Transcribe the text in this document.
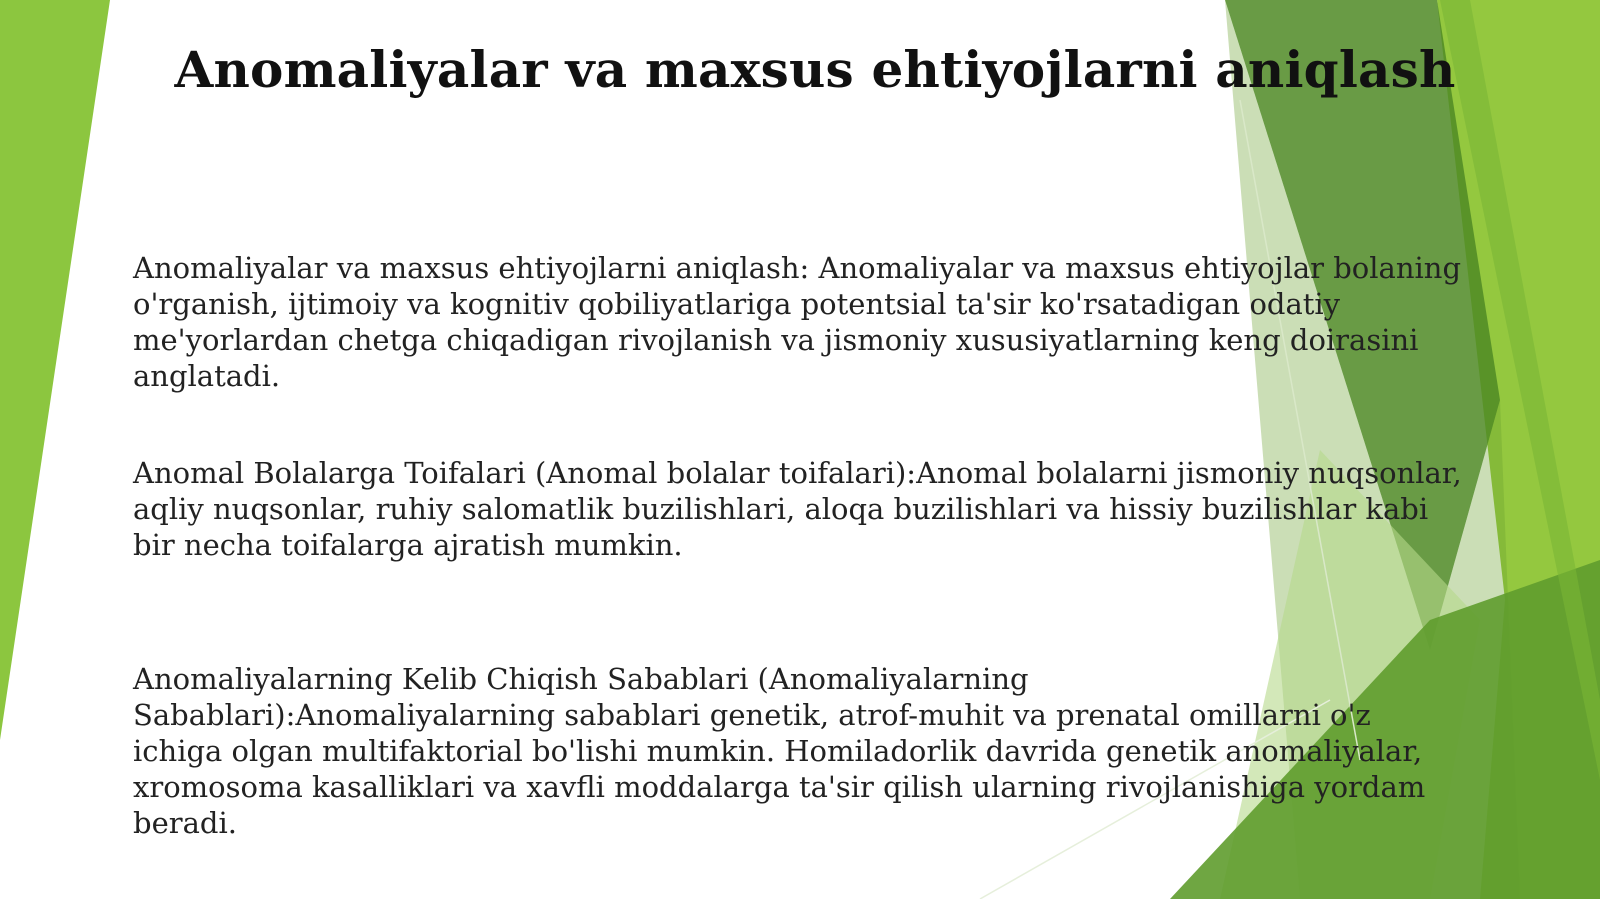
Anomaliyalar va maxsus ehtiyojlarni aniqlash

Anomaliyalar va maxsus ehtiyojlarni aniqlash: Anomaliyalar va maxsus ehtiyojlar bolaning o'rganish, ijtimoiy va kognitiv qobiliyatlariga potentsial ta'sir ko'rsatadigan odatiy me'yorlardan chetga chiqadigan rivojlanish va jismoniy xususiyatlarning keng doirasini anglatadi.

Anomal Bolalarga Toifalari (Anomal bolalar toifalari):Anomal bolalarni jismoniy nuqsonlar, aqliy nuqsonlar, ruhiy salomatlik buzilishlari, aloqa buzilishlari va hissiy buzilishlar kabi bir necha toifalarga ajratish mumkin.

Anomaliyalarning Kelib Chiqish Sabablari (Anomaliyalarning Sabablari):Anomaliyalarning sabablari genetik, atrof-muhit va prenatal omillarni o'z ichiga olgan multifaktorial bo'lishi mumkin. Homiladorlik davrida genetik anomaliyalar, xromosoma kasalliklari va xavfli moddalarga ta'sir qilish ularning rivojlanishiga yordam beradi.
